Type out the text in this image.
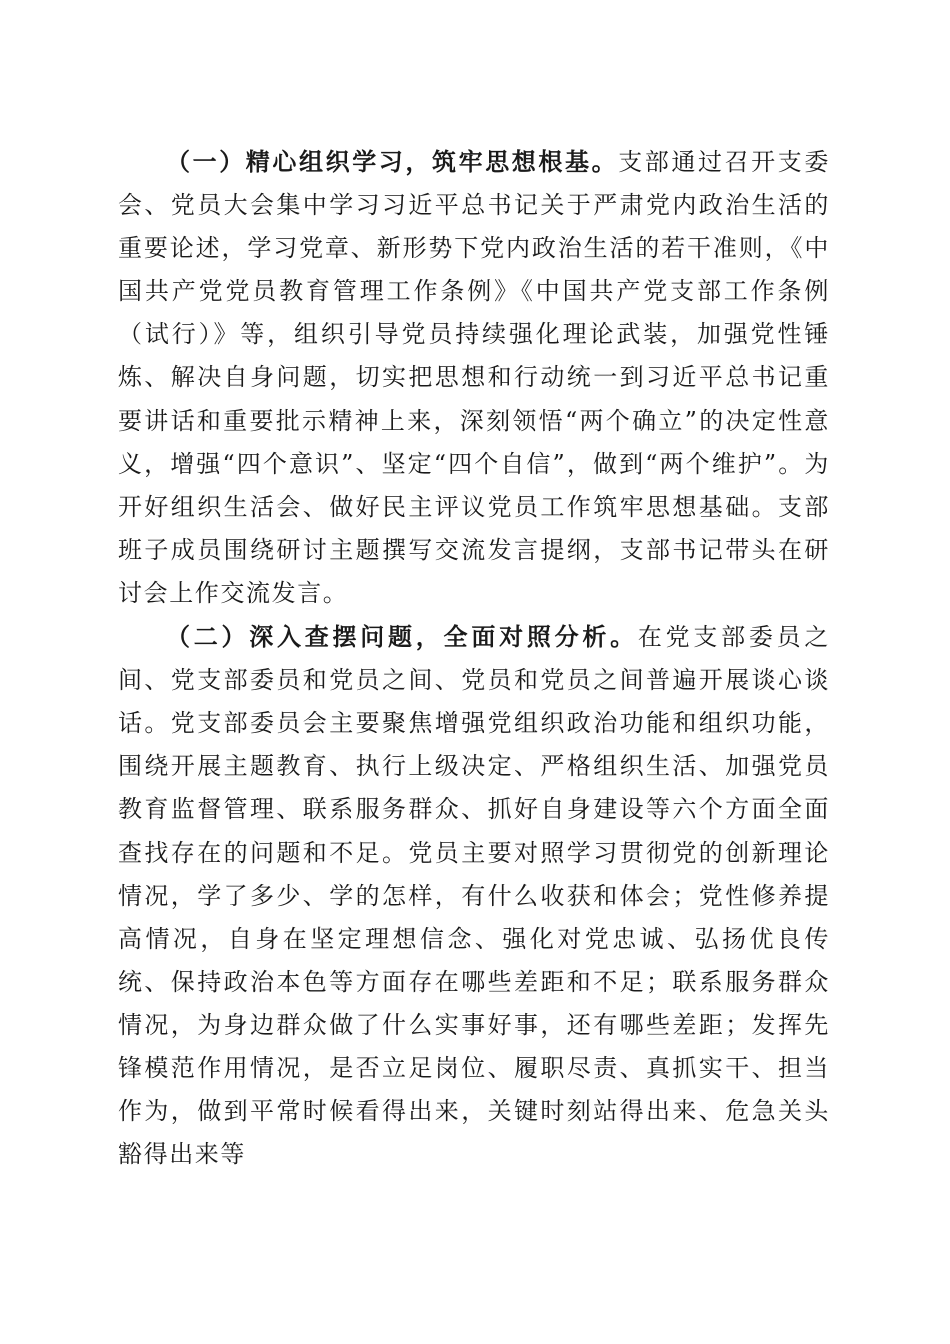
（一）精心组织学习，筑牢思想根基。支部通过召开支委会、党员大会集中学习习近平总书记关于严肃党内政治生活的重要论述，学习党章、新形势下党内政治生活的若干准则，《中国共产党党员教育管理工作条例》《中国共产党支部工作条例（试行）》等，组织引导党员持续强化理论武装，加强党性锤炼、解决自身问题，切实把思想和行动统一到习近平总书记重要讲话和重要批示精神上来，深刻领悟“两个确立”的决定性意义，增强“四个意识”、坚定“四个自信”，做到“两个维护”。为开好组织生活会、做好民主评议党员工作筑牢思想基础。支部班子成员围绕研讨主题撰写交流发言提纲，支部书记带头在研讨会上作交流发言。

（二）深入查摆问题，全面对照分析。在党支部委员之间、党支部委员和党员之间、党员和党员之间普遍开展谈心谈话。党支部委员会主要聚焦增强党组织政治功能和组织功能，围绕开展主题教育、执行上级决定、严格组织生活、加强党员教育监督管理、联系服务群众、抓好自身建设等六个方面全面查找存在的问题和不足。党员主要对照学习贯彻党的创新理论情况，学了多少、学的怎样，有什么收获和体会；党性修养提高情况，自身在坚定理想信念、强化对党忠诚、弘扬优良传统、保持政治本色等方面存在哪些差距和不足；联系服务群众情况，为身边群众做了什么实事好事，还有哪些差距；发挥先锋模范作用情况，是否立足岗位、履职尽责、真抓实干、担当作为，做到平常时候看得出来，关键时刻站得出来、危急关头豁得出来等
